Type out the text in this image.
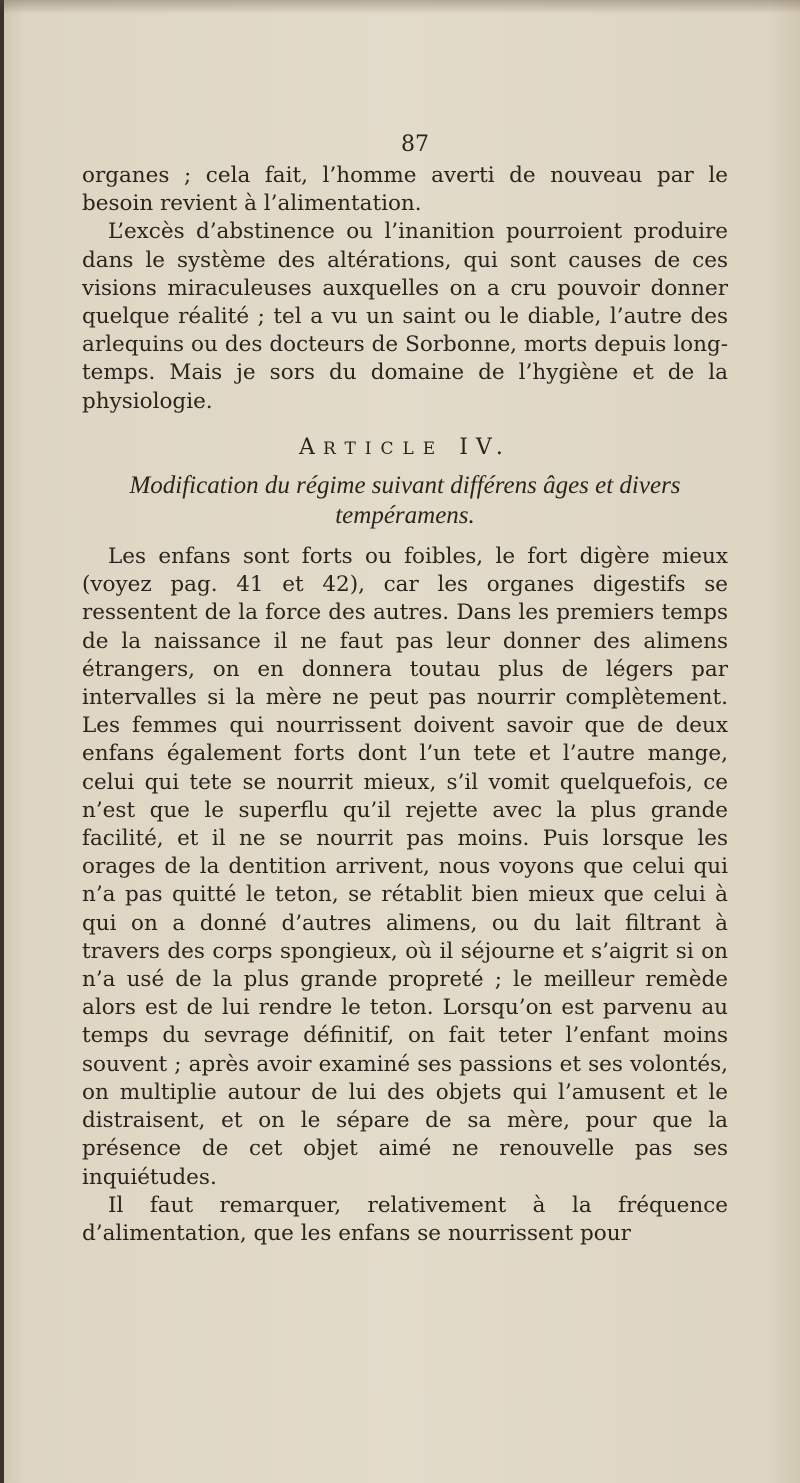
87

organes ; cela fait, l’homme averti de nouveau par le besoin revient à l’alimentation.

L’excès d’abstinence ou l’inanition pourroient produire dans le système des altérations, qui sont causes de ces visions miraculeuses auxquelles on a cru pouvoir donner quelque réalité ; tel a vu un saint ou le diable, l’autre des arlequins ou des docteurs de Sorbonne, morts depuis long-temps. Mais je sors du domaine de l’hygiène et de la physiologie.

ARTICLE IV.
Modification du régime suivant différens âges et divers tempéramens.

Les enfans sont forts ou foibles, le fort digère mieux (voyez pag. 41 et 42), car les organes digestifs se ressentent de la force des autres. Dans les premiers temps de la naissance il ne faut pas leur donner des alimens étrangers, on en donnera toutau plus de légers par intervalles si la mère ne peut pas nourrir complètement. Les femmes qui nourrissent doivent savoir que de deux enfans également forts dont l’un tete et l’autre mange, celui qui tete se nourrit mieux, s’il vomit quelquefois, ce n’est que le superflu qu’il rejette avec la plus grande facilité, et il ne se nourrit pas moins. Puis lorsque les orages de la dentition arrivent, nous voyons que celui qui n’a pas quitté le teton, se rétablit bien mieux que celui à qui on a donné d’autres alimens, ou du lait filtrant à travers des corps spongieux, où il séjourne et s’aigrit si on n’a usé de la plus grande propreté ; le meilleur remède alors est de lui rendre le teton. Lorsqu’on est parvenu au temps du sevrage définitif, on fait teter l’enfant moins souvent ; après avoir examiné ses passions et ses volontés, on multiplie autour de lui des objets qui l’amusent et le distraisent, et on le sépare de sa mère, pour que la présence de cet objet aimé ne renouvelle pas ses inquiétudes.

Il faut remarquer, relativement à la fréquence d’alimentation, que les enfans se nourrissent pour
